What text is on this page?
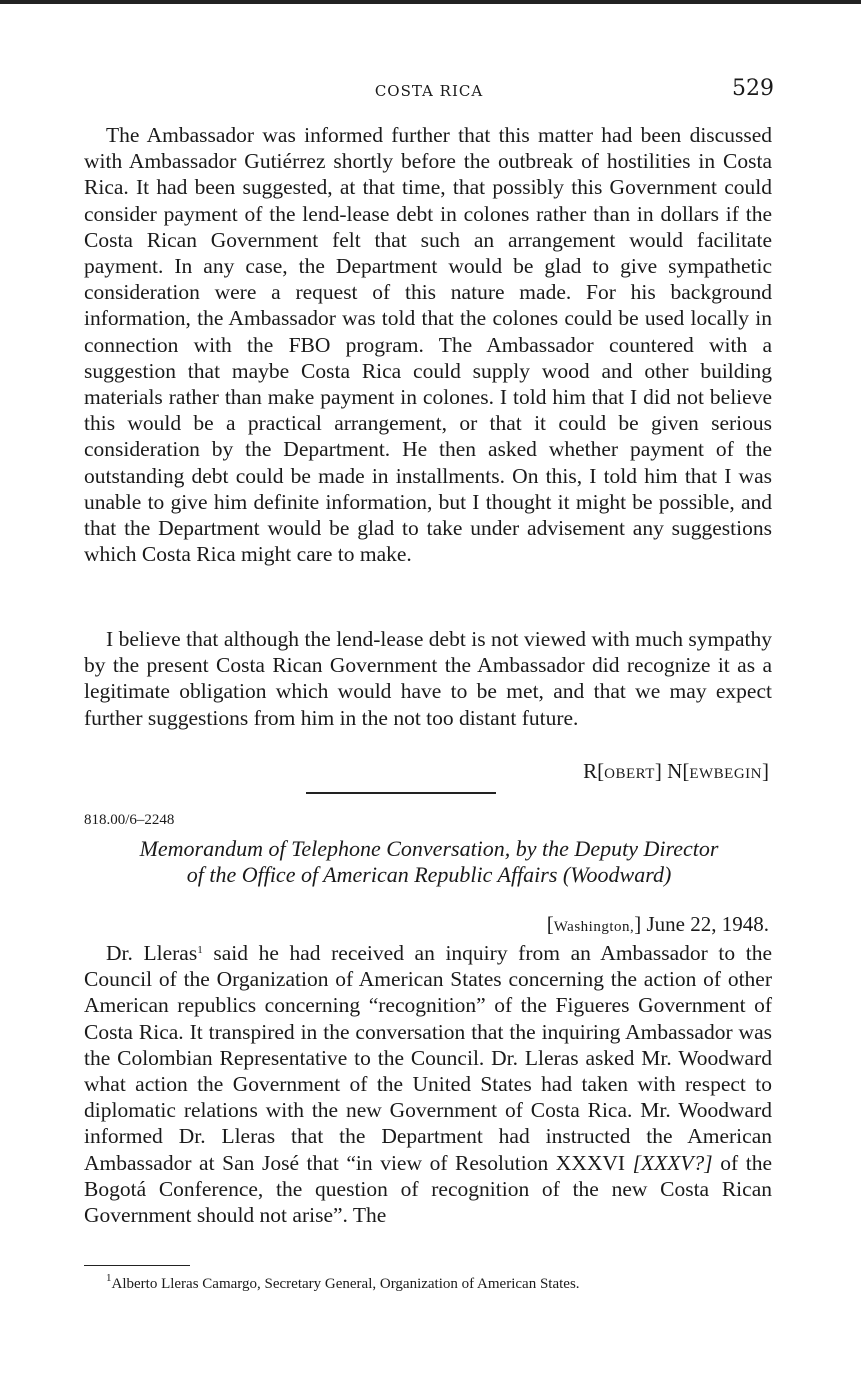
COSTA RICA	529

The Ambassador was informed further that this matter had been discussed with Ambassador Gutiérrez shortly before the outbreak of hostilities in Costa Rica. It had been suggested, at that time, that possibly this Government could consider payment of the lend-lease debt in colones rather than in dollars if the Costa Rican Government felt that such an arrangement would facilitate payment. In any case, the Department would be glad to give sympathetic consideration were a request of this nature made. For his background information, the Ambassador was told that the colones could be used locally in connection with the FBO program. The Ambassador countered with a suggestion that maybe Costa Rica could supply wood and other building materials rather than make payment in colones. I told him that I did not believe this would be a practical arrangement, or that it could be given serious consideration by the Department. He then asked whether payment of the outstanding debt could be made in installments. On this, I told him that I was unable to give him definite information, but I thought it might be possible, and that the Department would be glad to take under advisement any suggestions which Costa Rica might care to make.

I believe that although the lend-lease debt is not viewed with much sympathy by the present Costa Rican Government the Ambassador did recognize it as a legitimate obligation which would have to be met, and that we may expect further suggestions from him in the not too distant future.

R[OBERT] N[EWBEGIN]
818.00/6–2248

Memorandum of Telephone Conversation, by the Deputy Director
of the Office of American Republic Affairs (Woodward)

[Washington,] June 22, 1948.

Dr. Lleras$^1$ said he had received an inquiry from an Ambassador to the Council of the Organization of American States concerning the action of other American republics concerning “recognition” of the Figueres Government of Costa Rica. It transpired in the conversation that the inquiring Ambassador was the Colombian Representative to the Council. Dr. Lleras asked Mr. Woodward what action the Government of the United States had taken with respect to diplomatic relations with the new Government of Costa Rica. Mr. Woodward informed Dr. Lleras that the Department had instructed the American Ambassador at San José that “in view of Resolution XXXVI [XXXV?] of the Bogotá Conference, the question of recognition of the new Costa Rican Government should not arise”. The

$^1$Alberto Lleras Camargo, Secretary General, Organization of American States.
